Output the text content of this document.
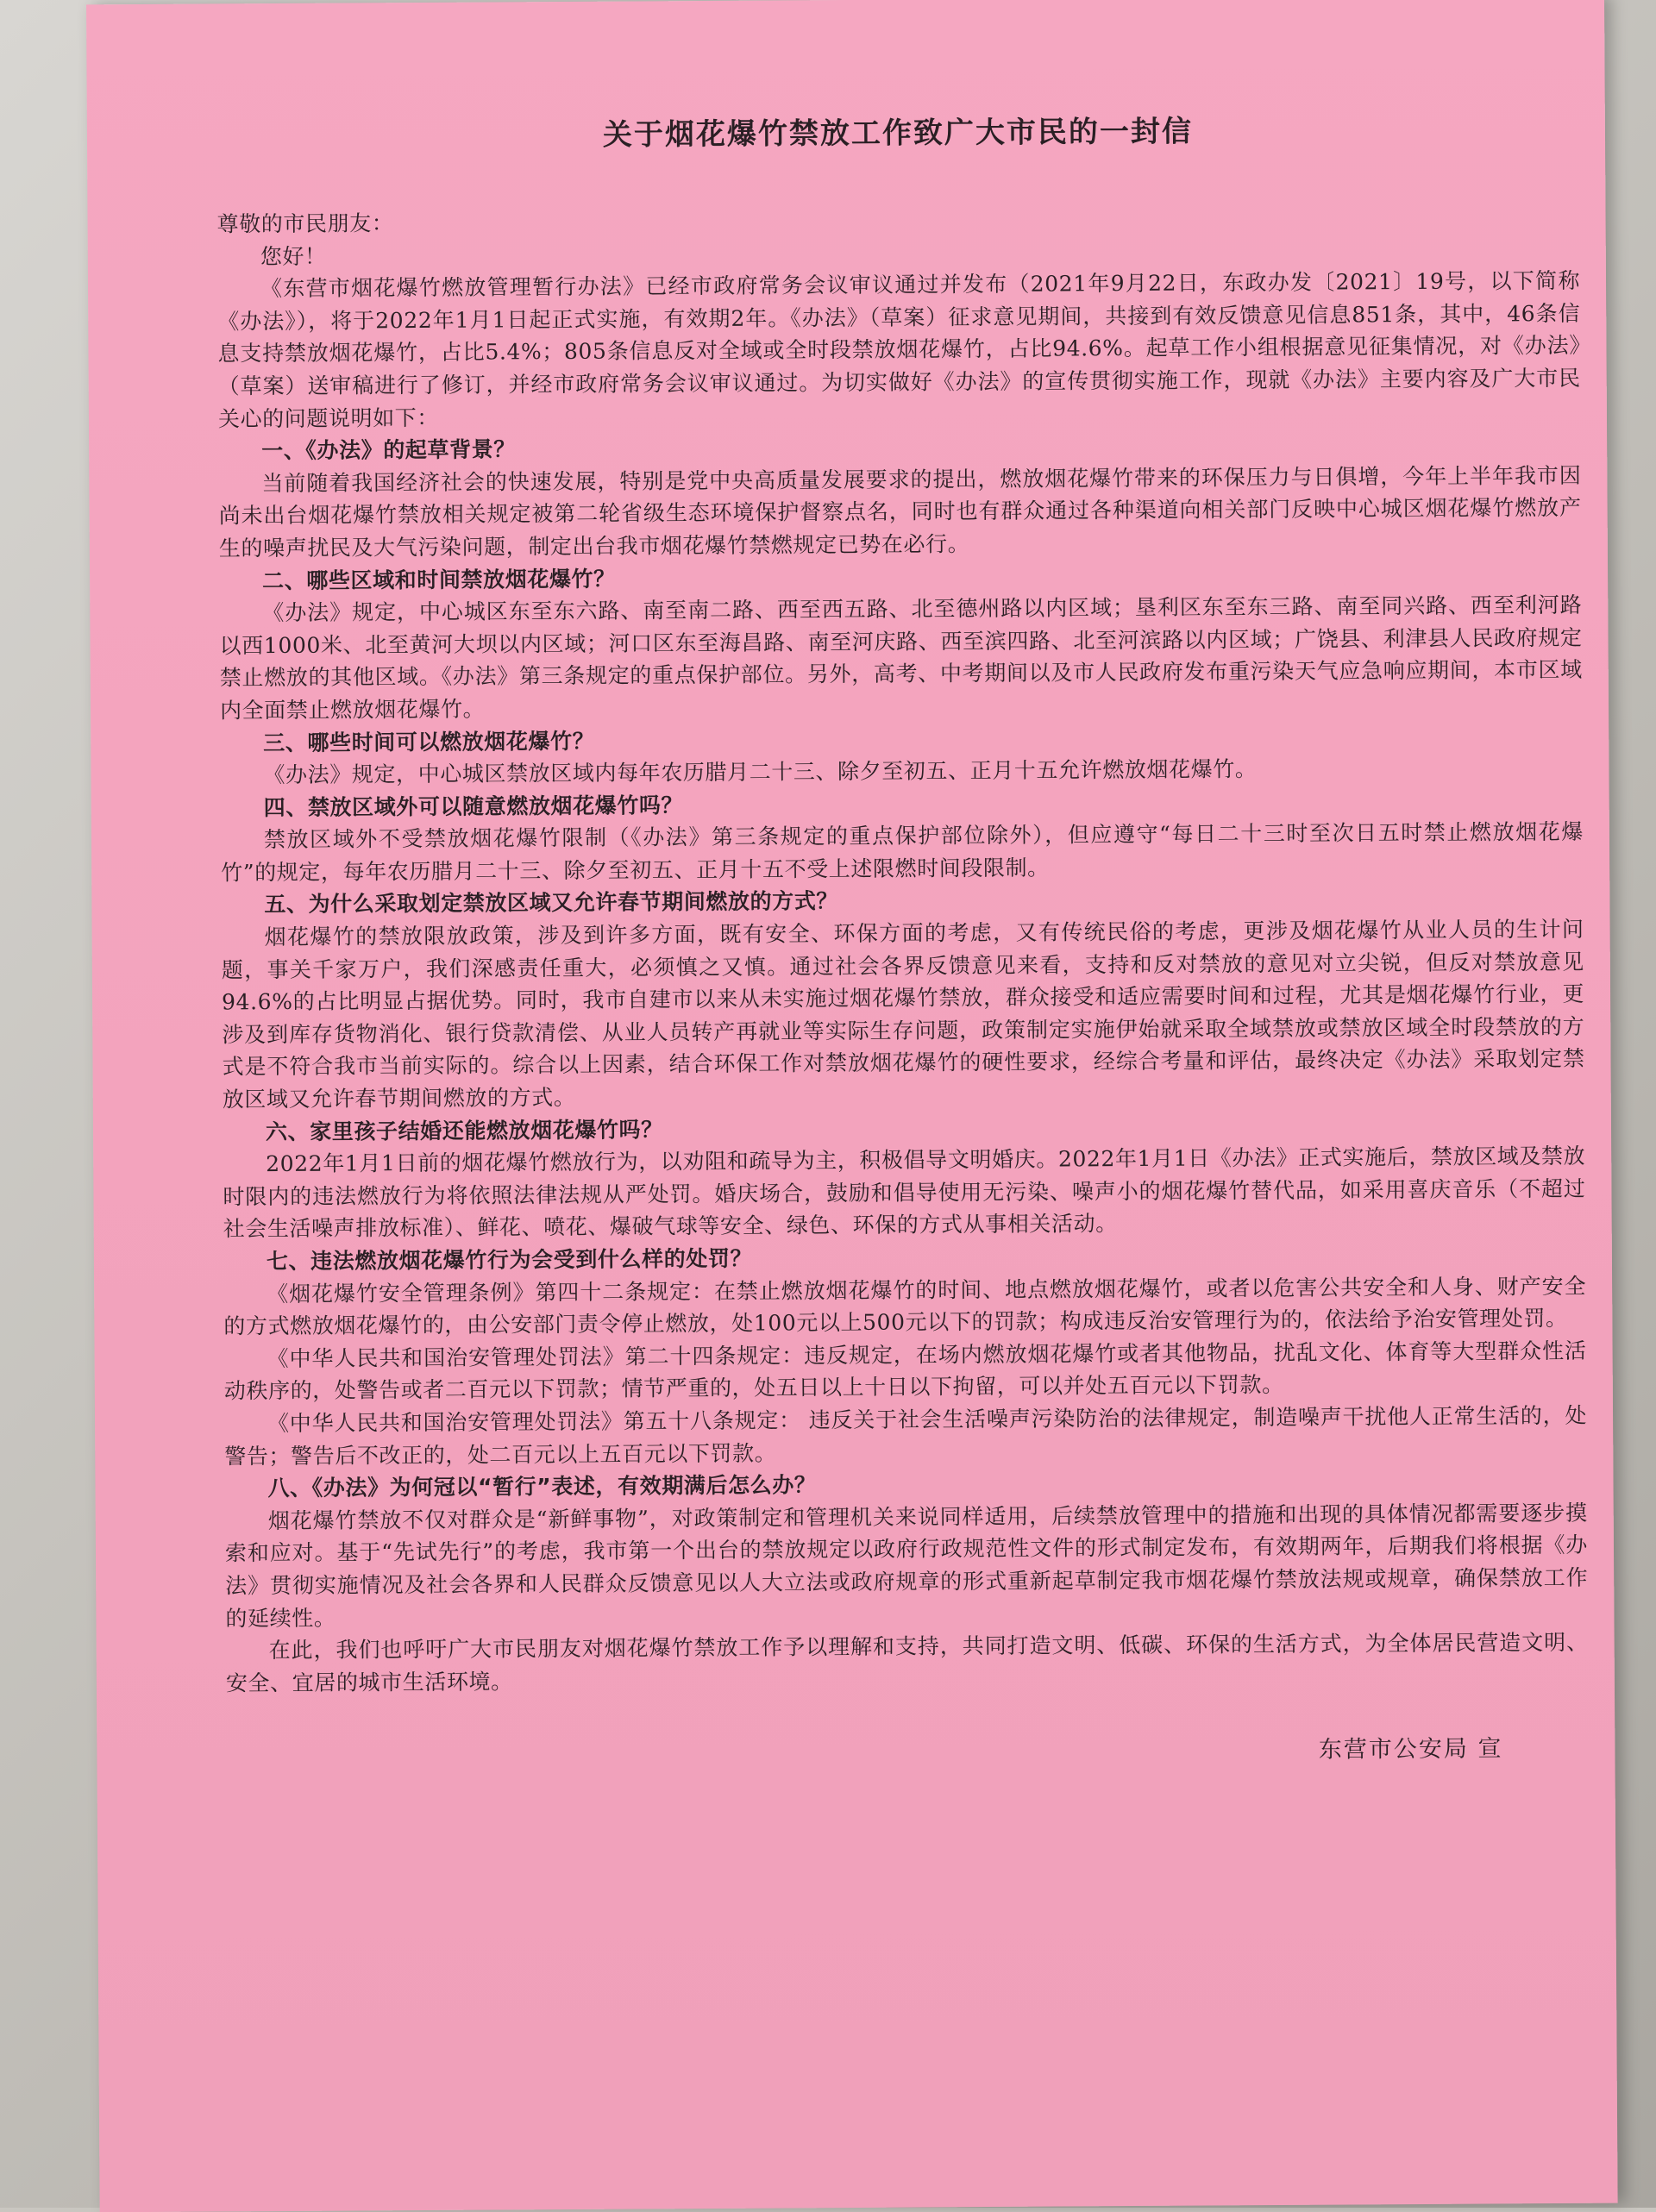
关于烟花爆竹禁放工作致广大市民的一封信

尊敬的市民朋友：

您好！

《东营市烟花爆竹燃放管理暂行办法》已经市政府常务会议审议通过并发布（2021年9月22日，东政办发〔2021〕19号，以下简称《办法》），将于2022年1月1日起正式实施，有效期2年。《办法》（草案）征求意见期间，共接到有效反馈意见信息851条，其中，46条信息支持禁放烟花爆竹，占比5.4%；805条信息反对全域或全时段禁放烟花爆竹，占比94.6%。起草工作小组根据意见征集情况，对《办法》（草案）送审稿进行了修订，并经市政府常务会议审议通过。为切实做好《办法》的宣传贯彻实施工作，现就《办法》主要内容及广大市民关心的问题说明如下：

一、《办法》的起草背景？

当前随着我国经济社会的快速发展，特别是党中央高质量发展要求的提出，燃放烟花爆竹带来的环保压力与日俱增，今年上半年我市因尚未出台烟花爆竹禁放相关规定被第二轮省级生态环境保护督察点名，同时也有群众通过各种渠道向相关部门反映中心城区烟花爆竹燃放产生的噪声扰民及大气污染问题，制定出台我市烟花爆竹禁燃规定已势在必行。

二、哪些区域和时间禁放烟花爆竹？

《办法》规定，中心城区东至东六路、南至南二路、西至西五路、北至德州路以内区域；垦利区东至东三路、南至同兴路、西至利河路以西1000米、北至黄河大坝以内区域；河口区东至海昌路、南至河庆路、西至滨四路、北至河滨路以内区域；广饶县、利津县人民政府规定禁止燃放的其他区域。《办法》第三条规定的重点保护部位。另外，高考、中考期间以及市人民政府发布重污染天气应急响应期间，本市区域内全面禁止燃放烟花爆竹。

三、哪些时间可以燃放烟花爆竹？

《办法》规定，中心城区禁放区域内每年农历腊月二十三、除夕至初五、正月十五允许燃放烟花爆竹。

四、禁放区域外可以随意燃放烟花爆竹吗？

禁放区域外不受禁放烟花爆竹限制（《办法》第三条规定的重点保护部位除外），但应遵守“每日二十三时至次日五时禁止燃放烟花爆竹”的规定，每年农历腊月二十三、除夕至初五、正月十五不受上述限燃时间段限制。

五、为什么采取划定禁放区域又允许春节期间燃放的方式？

烟花爆竹的禁放限放政策，涉及到许多方面，既有安全、环保方面的考虑，又有传统民俗的考虑，更涉及烟花爆竹从业人员的生计问题，事关千家万户，我们深感责任重大，必须慎之又慎。通过社会各界反馈意见来看，支持和反对禁放的意见对立尖锐，但反对禁放意见94.6%的占比明显占据优势。同时，我市自建市以来从未实施过烟花爆竹禁放，群众接受和适应需要时间和过程，尤其是烟花爆竹行业，更涉及到库存货物消化、银行贷款清偿、从业人员转产再就业等实际生存问题，政策制定实施伊始就采取全域禁放或禁放区域全时段禁放的方式是不符合我市当前实际的。综合以上因素，结合环保工作对禁放烟花爆竹的硬性要求，经综合考量和评估，最终决定《办法》采取划定禁放区域又允许春节期间燃放的方式。

六、家里孩子结婚还能燃放烟花爆竹吗？

2022年1月1日前的烟花爆竹燃放行为，以劝阻和疏导为主，积极倡导文明婚庆。2022年1月1日《办法》正式实施后，禁放区域及禁放时限内的违法燃放行为将依照法律法规从严处罚。婚庆场合，鼓励和倡导使用无污染、噪声小的烟花爆竹替代品，如采用喜庆音乐（不超过社会生活噪声排放标准）、鲜花、喷花、爆破气球等安全、绿色、环保的方式从事相关活动。

七、违法燃放烟花爆竹行为会受到什么样的处罚？

《烟花爆竹安全管理条例》第四十二条规定：在禁止燃放烟花爆竹的时间、地点燃放烟花爆竹，或者以危害公共安全和人身、财产安全的方式燃放烟花爆竹的，由公安部门责令停止燃放，处100元以上500元以下的罚款；构成违反治安管理行为的，依法给予治安管理处罚。

《中华人民共和国治安管理处罚法》第二十四条规定：违反规定，在场内燃放烟花爆竹或者其他物品，扰乱文化、体育等大型群众性活动秩序的，处警告或者二百元以下罚款；情节严重的，处五日以上十日以下拘留，可以并处五百元以下罚款。

《中华人民共和国治安管理处罚法》第五十八条规定： 违反关于社会生活噪声污染防治的法律规定，制造噪声干扰他人正常生活的，处警告；警告后不改正的，处二百元以上五百元以下罚款。

八、《办法》为何冠以“暂行”表述，有效期满后怎么办？

烟花爆竹禁放不仅对群众是“新鲜事物”，对政策制定和管理机关来说同样适用，后续禁放管理中的措施和出现的具体情况都需要逐步摸索和应对。基于“先试先行”的考虑，我市第一个出台的禁放规定以政府行政规范性文件的形式制定发布，有效期两年，后期我们将根据《办法》贯彻实施情况及社会各界和人民群众反馈意见以人大立法或政府规章的形式重新起草制定我市烟花爆竹禁放法规或规章，确保禁放工作的延续性。

在此，我们也呼吁广大市民朋友对烟花爆竹禁放工作予以理解和支持，共同打造文明、低碳、环保的生活方式，为全体居民营造文明、安全、宜居的城市生活环境。

东营市公安局 宣
